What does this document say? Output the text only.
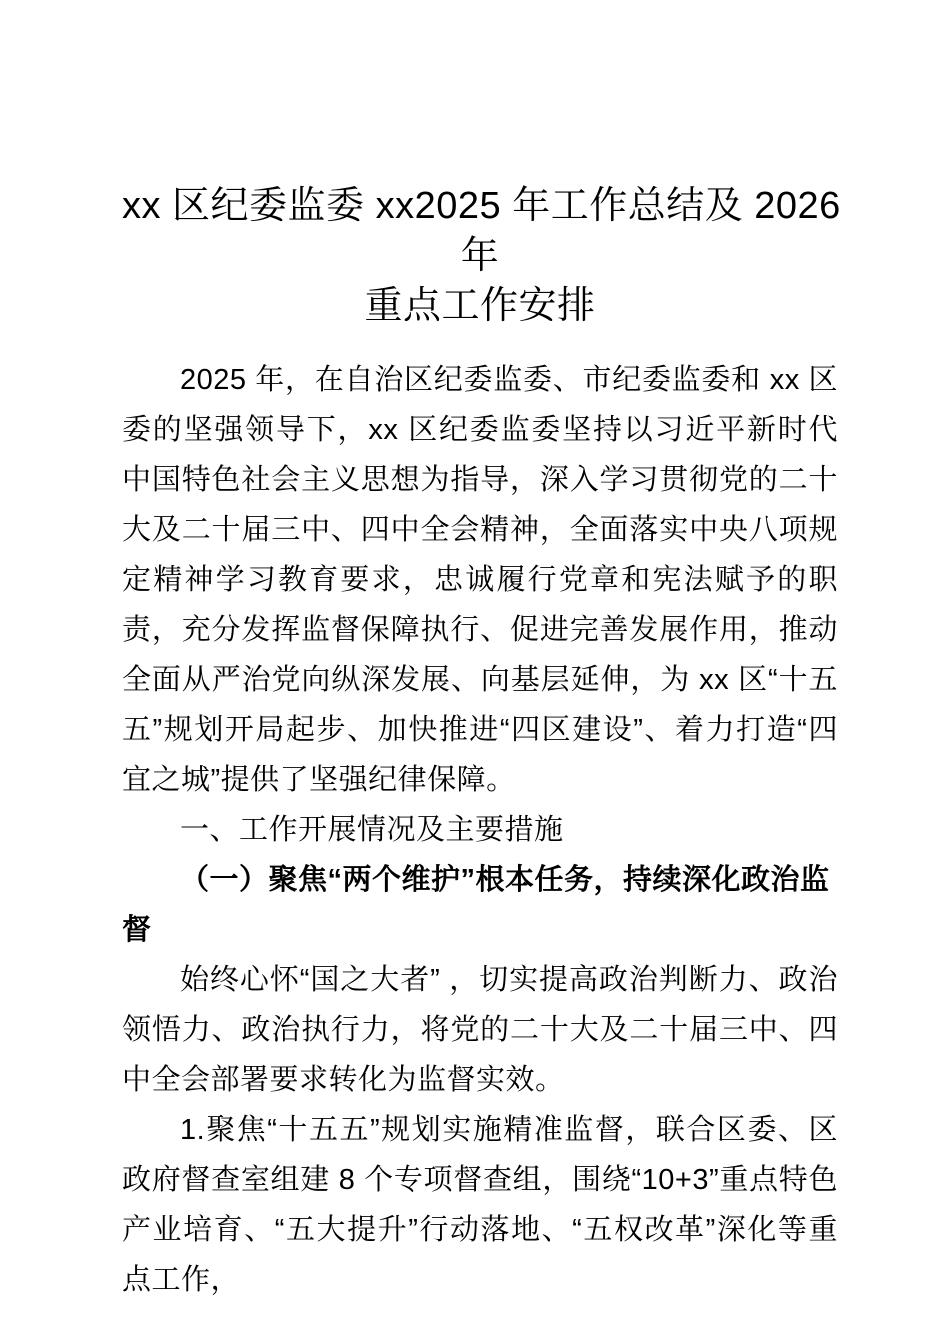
xx 区纪委监委 xx2025 年工作总结及 2026
年
重点工作安排

2025 年，在自治区纪委监委、市纪委监委和 xx 区委的坚强领导下，xx 区纪委监委坚持以习近平新时代中国特色社会主义思想为指导，深入学习贯彻党的二十大及二十届三中、四中全会精神，全面落实中央八项规定精神学习教育要求，忠诚履行党章和宪法赋予的职责，充分发挥监督保障执行、促进完善发展作用，推动全面从严治党向纵深发展、向基层延伸，为 xx 区“十五五”规划开局起步、加快推进“四区建设”、着力打造“四宜之城”提供了坚强纪律保障。

一、工作开展情况及主要措施

（一）聚焦“两个维护”根本任务，持续深化政治监督

始终心怀“国之大者” ，切实提高政治判断力、政治领悟力、政治执行力，将党的二十大及二十届三中、四中全会部署要求转化为监督实效。

1.聚焦“十五五”规划实施精准监督，联合区委、区政府督查室组建 8 个专项督查组，围绕“10+3”重点特色产业培育、“五大提升”行动落地、“五权改革”深化等重点工作，
